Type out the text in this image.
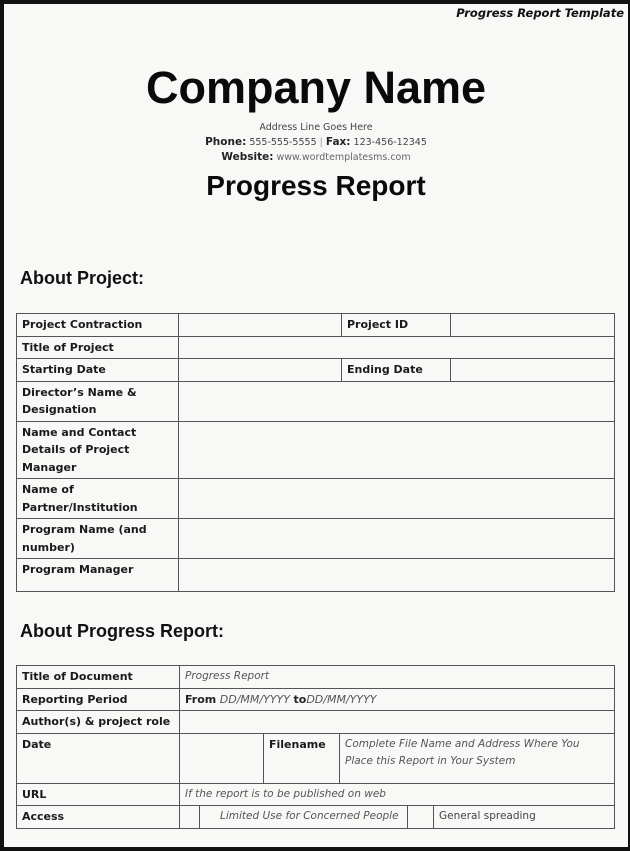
Progress Report Template
Company Name
Address Line Goes Here
Phone: 555-555-5555 | Fax: 123-456-12345
Website: www.wordtemplatesms.com
Progress Report
About Project:
Project Contraction		Project ID	
Title of Project			
Starting Date		Ending Date	
Director’s Name & Designation			
Name and Contact Details of Project Manager			
Name of Partner/Institution			
Program Name (and number)			
Program Manager			
About Progress Report:
Title of Document	Progress Report					
Reporting Period	From DD/MM/YYYY toDD/MM/YYYY					
Author(s) & project role						
Date			Filename	Complete File Name and Address Where You Place this Report in Your System		
URL	If the report is to be published on web					
Access		Limited Use for Concerned People				General spreading
